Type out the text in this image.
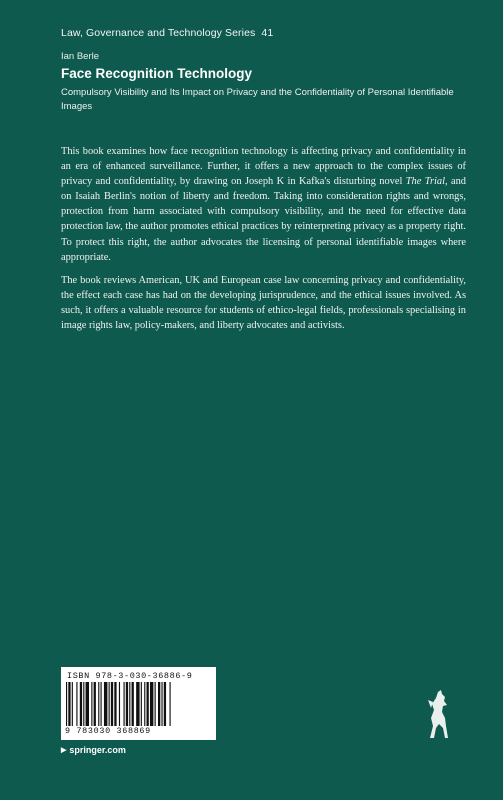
Law, Governance and Technology Series 41
Ian Berle
Face Recognition Technology
Compulsory Visibility and Its Impact on Privacy and the Confidentiality of Personal Identifiable Images

This book examines how face recognition technology is affecting privacy and confidentiality in an era of enhanced surveillance. Further, it offers a new approach to the complex issues of privacy and confidentiality, by drawing on Joseph K in Kafka's disturbing novel The Trial, and on Isaiah Berlin's notion of liberty and freedom. Taking into consideration rights and wrongs, protection from harm associated with compulsory visibility, and the need for effective data protection law, the author promotes ethical practices by reinterpreting privacy as a property right. To protect this right, the author advocates the licensing of personal identifiable images where appropriate.

The book reviews American, UK and European case law concerning privacy and confidentiality, the effect each case has had on the developing jurisprudence, and the ethical issues involved. As such, it offers a valuable resource for students of ethico-legal fields, professionals specialising in image rights law, policy-makers, and liberty advocates and activists.

ISBN 978-3-030-36886-9
9 783030 368869
▶ springer.com
